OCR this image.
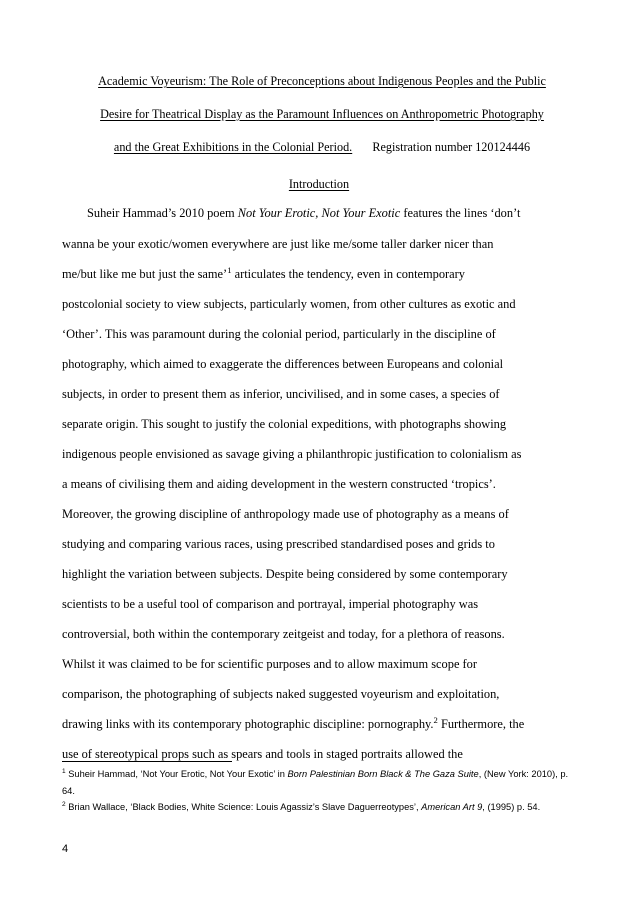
Academic Voyeurism: The Role of Preconceptions about Indigenous Peoples and the Public
Desire for Theatrical Display as the Paramount Influences on Anthropometric Photography
and the Great Exhibitions in the Colonial Period. Registration number 120124446
Introduction
Suheir Hammad’s 2010 poem Not Your Erotic, Not Your Exotic features the lines ‘don’t
wanna be your exotic/women everywhere are just like me/some taller darker nicer than
me/but like me but just the same’$^1$ articulates the tendency, even in contemporary
postcolonial society to view subjects, particularly women, from other cultures as exotic and
‘Other’. This was paramount during the colonial period, particularly in the discipline of
photography, which aimed to exaggerate the differences between Europeans and colonial
subjects, in order to present them as inferior, uncivilised, and in some cases, a species of
separate origin. This sought to justify the colonial expeditions, with photographs showing
indigenous people envisioned as savage giving a philanthropic justification to colonialism as
a means of civilising them and aiding development in the western constructed ‘tropics’.
Moreover, the growing discipline of anthropology made use of photography as a means of
studying and comparing various races, using prescribed standardised poses and grids to
highlight the variation between subjects. Despite being considered by some contemporary
scientists to be a useful tool of comparison and portrayal, imperial photography was
controversial, both within the contemporary zeitgeist and today, for a plethora of reasons.
Whilst it was claimed to be for scientific purposes and to allow maximum scope for
comparison, the photographing of subjects naked suggested voyeurism and exploitation,
drawing links with its contemporary photographic discipline: pornography.$^2$ Furthermore, the
use of stereotypical props such as spears and tools in staged portraits allowed the
$^1$ Suheir Hammad, ‘Not Your Erotic, Not Your Exotic’ in Born Palestinian Born Black & The Gaza Suite, (New York: 2010), p. 64.
$^2$ Brian Wallace, ‘Black Bodies, White Science: Louis Agassiz’s Slave Daguerreotypes’, American Art 9, (1995) p. 54.
4
